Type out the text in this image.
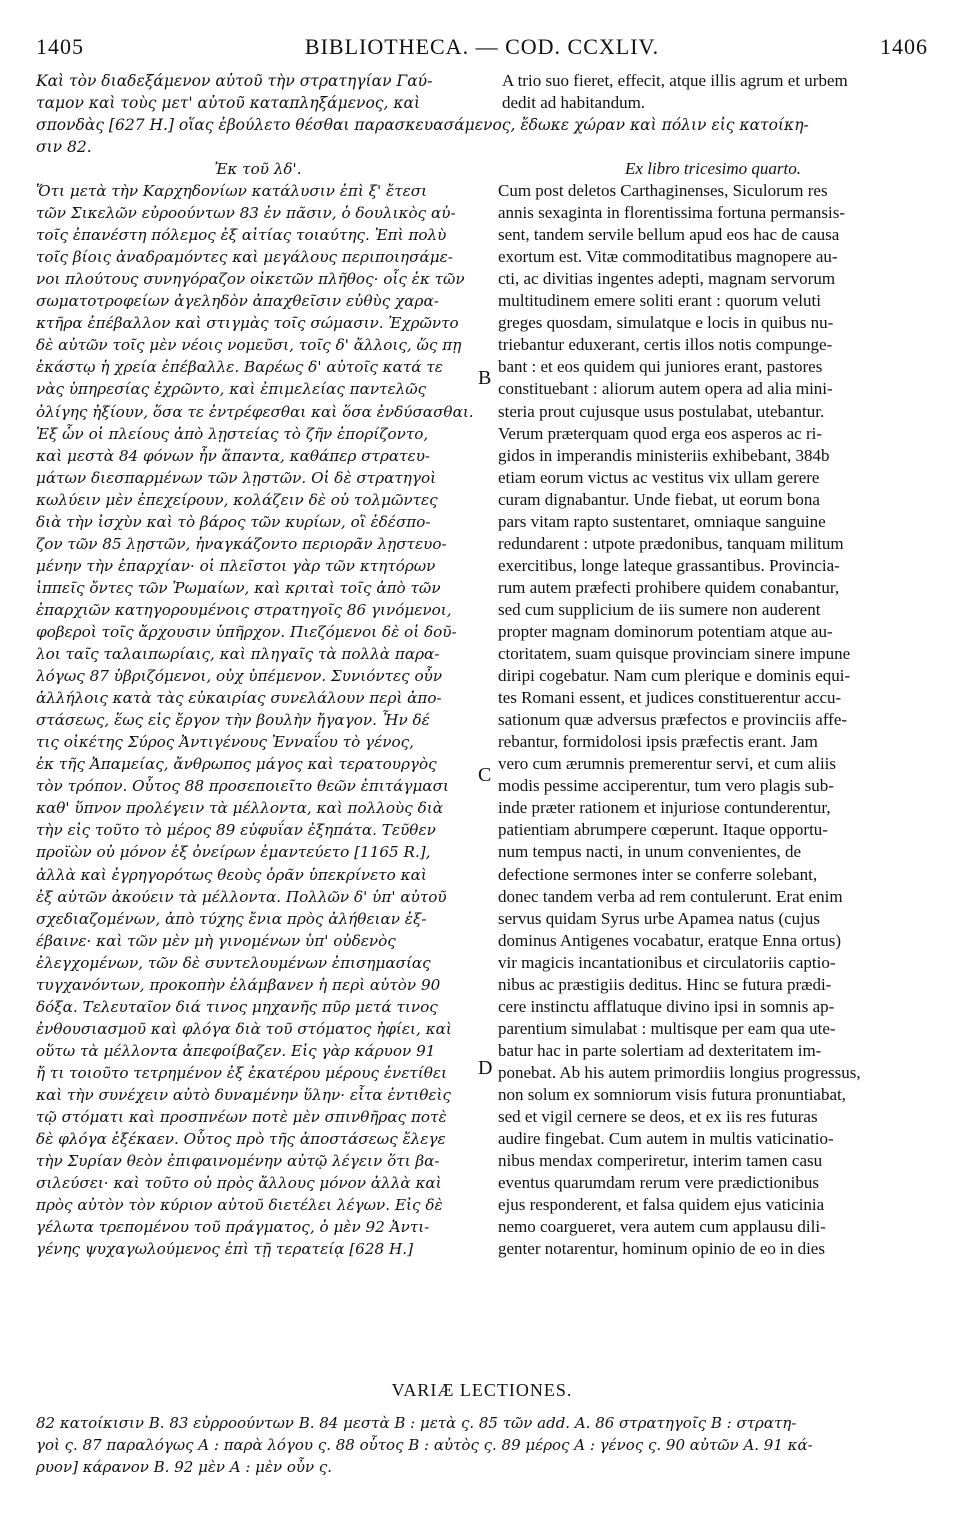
1405	BIBLIOTHECA. — COD. CCXLIV.	1406
Καὶ τὸν διαδεξάμενον αὐτοῦ τὴν στρατηγίαν Γαύ-	A trio suo fieret, effecit, atque illis agrum et urbem
ταμον καὶ τοὺς μετ' αὐτοῦ καταπληξάμενος, καὶ	dedit ad habitandum.
σπονδὰς [627 H.] οἵας ἐβούλετο θέσθαι παρασκευασάμενος, ἔδωκε χώραν καὶ πόλιν εἰς κατοίκη-
σιν 82.
Ἐκ τοῦ λδ'.
Ὅτι μετὰ τὴν Καρχηδονίων κατάλυσιν ἐπὶ ξ' ἔτεσι
τῶν Σικελῶν εὐροούντων 83 ἐν πᾶσιν, ὁ δουλικὸς αὐ-
τοῖς ἐπανέστη πόλεμος ἐξ αἰτίας τοιαύτης. Ἐπὶ πολὺ
τοῖς βίοις ἀναδραμόντες καὶ μεγάλους περιποιησάμε-
νοι πλούτους συνηγόραζον οἰκετῶν πλῆθος· οἷς ἐκ τῶν
σωματοτροφείων ἀγεληδὸν ἀπαχθεῖσιν εὐθὺς χαρα-
κτῆρα ἐπέβαλλον καὶ στιγμὰς τοῖς σώμασιν. Ἐχρῶντο
δὲ αὐτῶν τοῖς μὲν νέοις νομεῦσι, τοῖς δ' ἄλλοις, ὥς πῃ
ἑκάστῳ ἡ χρεία ἐπέβαλλε. Βαρέως δ' αὐτοῖς κατά τε
νὰς ὑπηρεσίας ἐχρῶντο, καὶ ἐπιμελείας παντελῶς
ὀλίγης ἠξίουν, ὅσα τε ἐντρέφεσθαι καὶ ὅσα ἐνδύσασθαι.
Ἐξ ὧν οἱ πλείους ἀπὸ λῃστείας τὸ ζῆν ἐπορίζοντο,
καὶ μεστὰ 84 φόνων ἦν ἅπαντα, καθάπερ στρατευ-
μάτων διεσπαρμένων τῶν λῃστῶν. Οἱ δὲ στρατηγοὶ
κωλύειν μὲν ἐπεχείρουν, κολάζειν δὲ οὐ τολμῶντες
διὰ τὴν ἰσχὺν καὶ τὸ βάρος τῶν κυρίων, οἳ ἐδέσπο-
ζον τῶν 85 λῃστῶν, ἠναγκάζοντο περιορᾶν λῃστευο-
μένην τὴν ἐπαρχίαν· οἱ πλεῖστοι γὰρ τῶν κτητόρων
ἱππεῖς ὄντες τῶν Ῥωμαίων, καὶ κριταὶ τοῖς ἀπὸ τῶν
ἐπαρχιῶν κατηγορουμένοις στρατηγοῖς 86 γινόμενοι,
φοβεροὶ τοῖς ἄρχουσιν ὑπῆρχον. Πιεζόμενοι δὲ οἱ δοῦ-
λοι ταῖς ταλαιπωρίαις, καὶ πληγαῖς τὰ πολλὰ παρα-
λόγως 87 ὑβριζόμενοι, οὐχ ὑπέμενον. Συνιόντες οὖν
ἀλλήλοις κατὰ τὰς εὐκαιρίας συνελάλουν περὶ ἀπο-
στάσεως, ἕως εἰς ἔργον τὴν βουλὴν ἤγαγον. Ἦν δέ
τις οἰκέτης Σύρος Ἀντιγένους Ἐνναΐου τὸ γένος,
ἐκ τῆς Ἀπαμείας, ἄνθρωπος μάγος καὶ τερατουργὸς
τὸν τρόπον. Οὗτος 88 προσεποιεῖτο θεῶν ἐπιτάγμασι
καθ' ὕπνον προλέγειν τὰ μέλλοντα, καὶ πολλοὺς διὰ
τὴν εἰς τοῦτο τὸ μέρος 89 εὐφυΐαν ἐξηπάτα. Τεῦθεν
προϊὼν οὐ μόνον ἐξ ὀνείρων ἐμαντεύετο [1165 R.],
ἀλλὰ καὶ ἐγρηγορότως θεοὺς ὁρᾶν ὑπεκρίνετο καὶ
ἐξ αὐτῶν ἀκούειν τὰ μέλλοντα. Πολλῶν δ' ὑπ' αὐτοῦ
σχεδιαζομένων, ἀπὸ τύχης ἔνια πρὸς ἀλήθειαν ἐξ-
έβαινε· καὶ τῶν μὲν μὴ γινομένων ὑπ' οὐδενὸς
ἐλεγχομένων, τῶν δὲ συντελουμένων ἐπισημασίας
τυγχανόντων, προκοπὴν ἐλάμβανεν ἡ περὶ αὐτὸν 90
δόξα. Τελευταῖον διά τινος μηχανῆς πῦρ μετά τινος
ἐνθουσιασμοῦ καὶ φλόγα διὰ τοῦ στόματος ἠφίει, καὶ
οὕτω τὰ μέλλοντα ἀπεφοίβαζεν. Εἰς γὰρ κάρυον 91
ἤ τι τοιοῦτο τετρημένον ἐξ ἑκατέρου μέρους ἐνετίθει
καὶ τὴν συνέχειν αὐτὸ δυναμένην ὕλην· εἶτα ἐντιθεὶς
τῷ στόματι καὶ προσπνέων ποτὲ μὲν σπινθῆρας ποτὲ
δὲ φλόγα ἐξέκαεν. Οὗτος πρὸ τῆς ἀποστάσεως ἔλεγε
τὴν Συρίαν θεὸν ἐπιφαινομένην αὐτῷ λέγειν ὅτι βα-
σιλεύσει· καὶ τοῦτο οὐ πρὸς ἄλλους μόνον ἀλλὰ καὶ
πρὸς αὐτὸν τὸν κύριον αὐτοῦ διετέλει λέγων. Εἰς δὲ
γέλωτα τρεπομένου τοῦ πράγματος, ὁ μὲν 92 Ἀντι-
γένης ψυχαγωλούμενος ἐπὶ τῇ τερατείᾳ [628 H.]
Ex libro tricesimo quarto.
Cum post deletos Carthaginenses, Siculorum res
annis sexaginta in florentissima fortuna permansis-
sent, tandem servile bellum apud eos hac de causa
exortum est. Vitæ commoditatibus magnopere au-
cti, ac divitias ingentes adepti, magnam servorum
multitudinem emere soliti erant : quorum veluti
greges quosdam, simulatque e locis in quibus nu-
triebantur eduxerant, certis illos notis compunge-
bant : et eos quidem qui juniores erant, pastores
constituebant : aliorum autem opera ad alia mini-
steria prout cujusque usus postulabat, utebantur.
Verum præterquam quod erga eos asperos ac ri-
gidos in imperandis ministeriis exhibebant, 384b
etiam eorum victus ac vestitus vix ullam gerere
curam dignabantur. Unde fiebat, ut eorum bona
pars vitam rapto sustentaret, omniaque sanguine
redundarent : utpote prædonibus, tanquam militum
exercitibus, longe lateque grassantibus. Provincia-
rum autem præfecti prohibere quidem conabantur,
sed cum supplicium de iis sumere non auderent
propter magnam dominorum potentiam atque au-
ctoritatem, suam quisque provinciam sinere impune
diripi cogebatur. Nam cum plerique e dominis equi-
tes Romani essent, et judices constituerentur accu-
sationum quæ adversus præfectos e provinciis affe-
rebantur, formidolosi ipsis præfectis erant. Jam
vero cum ærumnis premerentur servi, et cum aliis
modis pessime acciperentur, tum vero plagis sub-
inde præter rationem et injuriose contunderentur,
patientiam abrumpere cœperunt. Itaque opportu-
num tempus nacti, in unum convenientes, de
defectione sermones inter se conferre solebant,
donec tandem verba ad rem contulerunt. Erat enim
servus quidam Syrus urbe Apamea natus (cujus
dominus Antigenes vocabatur, eratque Enna ortus)
vir magicis incantationibus et circulatoriis captio-
nibus ac præstigiis deditus. Hinc se futura prædi-
cere instinctu afflatuque divino ipsi in somnis ap-
parentium simulabat : multisque per eam qua ute-
batur hac in parte solertiam ad dexteritatem im-
ponebat. Ab his autem primordiis longius progressus,
non solum ex somniorum visis futura pronuntiabat,
sed et vigil cernere se deos, et ex iis res futuras
audire fingebat. Cum autem in multis vaticinatio-
nibus mendax comperiretur, interim tamen casu
eventus quarumdam rerum vere prædictionibus
ejus responderent, et falsa quidem ejus vaticinia
nemo coargueret, vera autem cum applausu dili-
genter notarentur, hominum opinio de eo in dies
B
C
D
VARIÆ LECTIONES.
82 κατοίκισιν B. 83 εὐρροούντων B. 84 μεστὰ B : μετὰ ς. 85 τῶν add. A. 86 στρατηγοῖς B : στρατη-
γοὶ ς. 87 παραλόγως A : παρὰ λόγου ς. 88 οὗτος B : αὐτὸς ς. 89 μέρος A : γένος ς. 90 αὐτῶν A. 91 κά-
ρυον] κάρανον B. 92 μὲν A : μὲν οὖν ς.
